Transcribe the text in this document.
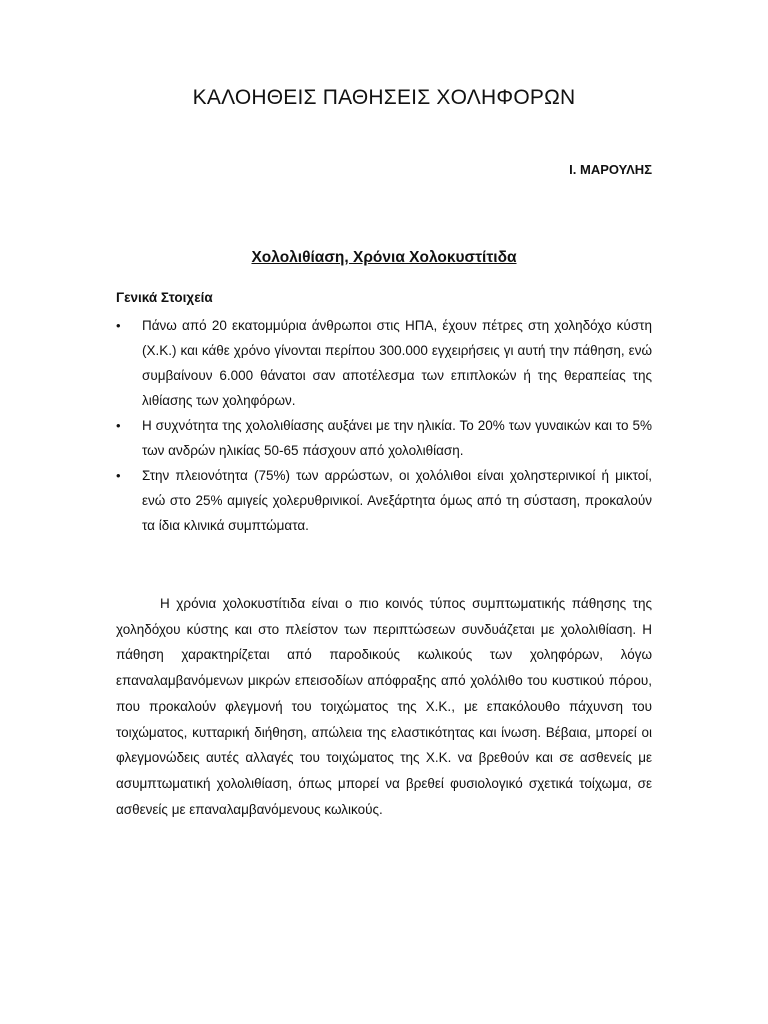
ΚΑΛΟΗΘΕΙΣ ΠΑΘΗΣΕΙΣ ΧΟΛΗΦΟΡΩΝ

Ι. ΜΑΡΟΥΛΗΣ

Χολολιθίαση, Χρόνια Χολοκυστίτιδα
Γενικά Στοιχεία
• Πάνω από 20 εκατομμύρια άνθρωποι στις ΗΠΑ, έχουν πέτρες στη χοληδόχο κύστη (Χ.Κ.) και κάθε χρόνο γίνονται περίπου 300.000 εγχειρήσεις γι αυτή την πάθηση, ενώ συμβαίνουν 6.000 θάνατοι σαν αποτέλεσμα των επιπλοκών ή της θεραπείας της λιθίασης των χοληφόρων.
• Η συχνότητα της χολολιθίασης αυξάνει με την ηλικία. Το 20% των γυναικών και το 5% των ανδρών ηλικίας 50-65 πάσχουν από χολολιθίαση.
• Στην πλειονότητα (75%) των αρρώστων, οι χολόλιθοι είναι χοληστερινικοί ή μικτοί, ενώ στο 25% αμιγείς χολερυθρινικοί. Ανεξάρτητα όμως από τη σύσταση, προκαλούν τα ίδια κλινικά συμπτώματα.

Η χρόνια χολοκυστίτιδα είναι ο πιο κοινός τύπος συμπτωματικής πάθησης της χοληδόχου κύστης και στο πλείστον των περιπτώσεων συνδυάζεται με χολολιθίαση. Η πάθηση χαρακτηρίζεται από παροδικούς κωλικούς των χοληφόρων, λόγω επαναλαμβανόμενων μικρών επεισοδίων απόφραξης από χολόλιθο του κυστικού πόρου, που προκαλούν φλεγμονή του τοιχώματος της Χ.Κ., με επακόλουθο πάχυνση του τοιχώματος, κυτταρική διήθηση, απώλεια της ελαστικότητας και ίνωση. Βέβαια, μπορεί οι φλεγμονώδεις αυτές αλλαγές του τοιχώματος της Χ.Κ. να βρεθούν και σε ασθενείς με ασυμπτωματική χολολιθίαση, όπως μπορεί να βρεθεί φυσιολογικό σχετικά τοίχωμα, σε ασθενείς με επαναλαμβανόμενους κωλικούς.
